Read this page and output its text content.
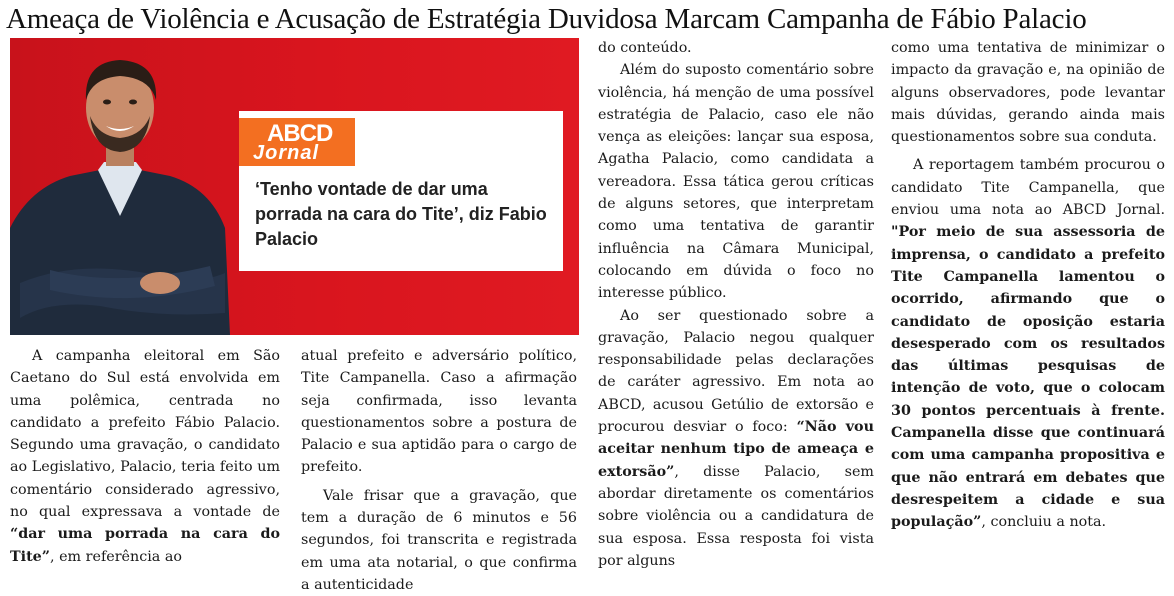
Ameaça de Violência e Acusação de Estratégia Duvidosa Marcam Campanha de Fábio Palacio
ABCD
Jornal
‘Tenho vontade de dar uma porrada na cara do Tite’, diz Fabio Palacio

A campanha eleitoral em São Caetano do Sul está envolvida em uma polêmica, centrada no candidato a prefeito Fábio Palacio. Segundo uma gravação, o candidato ao Legislativo, Palacio, teria feito um comentário considerado agressivo, no qual expressava a vontade de “dar uma porrada na cara do Tite”, em referência ao

atual prefeito e adversário político, Tite Campanella. Caso a afirmação seja confirmada, isso levanta questionamentos sobre a postura de Palacio e sua aptidão para o cargo de prefeito.

Vale frisar que a gravação, que tem a duração de 6 minutos e 56 segundos, foi transcrita e registrada em uma ata notarial, o que confirma a autenticidade

do conteúdo.

Além do suposto comentário sobre violência, há menção de uma possível estratégia de Palacio, caso ele não vença as eleições: lançar sua esposa, Agatha Palacio, como candidata a vereadora. Essa tática gerou críticas de alguns setores, que interpretam como uma tentativa de garantir influência na Câmara Municipal, colocando em dúvida o foco no interesse público.

Ao ser questionado sobre a gravação, Palacio negou qualquer responsabilidade pelas declarações de caráter agressivo. Em nota ao ABCD, acusou Getúlio de extorsão e procurou desviar o foco: “Não vou aceitar nenhum tipo de ameaça e extorsão”, disse Palacio, sem abordar diretamente os comentários sobre violência ou a candidatura de sua esposa. Essa resposta foi vista por alguns

como uma tentativa de minimizar o impacto da gravação e, na opinião de alguns observadores, pode levantar mais dúvidas, gerando ainda mais questionamentos sobre sua conduta.

A reportagem também procurou o candidato Tite Campanella, que enviou uma nota ao ABCD Jornal. "Por meio de sua assessoria de imprensa, o candidato a prefeito Tite Campanella lamentou o ocorrido, afirmando que o candidato de oposição estaria desesperado com os resultados das últimas pesquisas de intenção de voto, que o colocam 30 pontos percentuais à frente. Campanella disse que continuará com uma campanha propositiva e que não entrará em debates que desrespeitem a cidade e sua população”, concluiu a nota.
